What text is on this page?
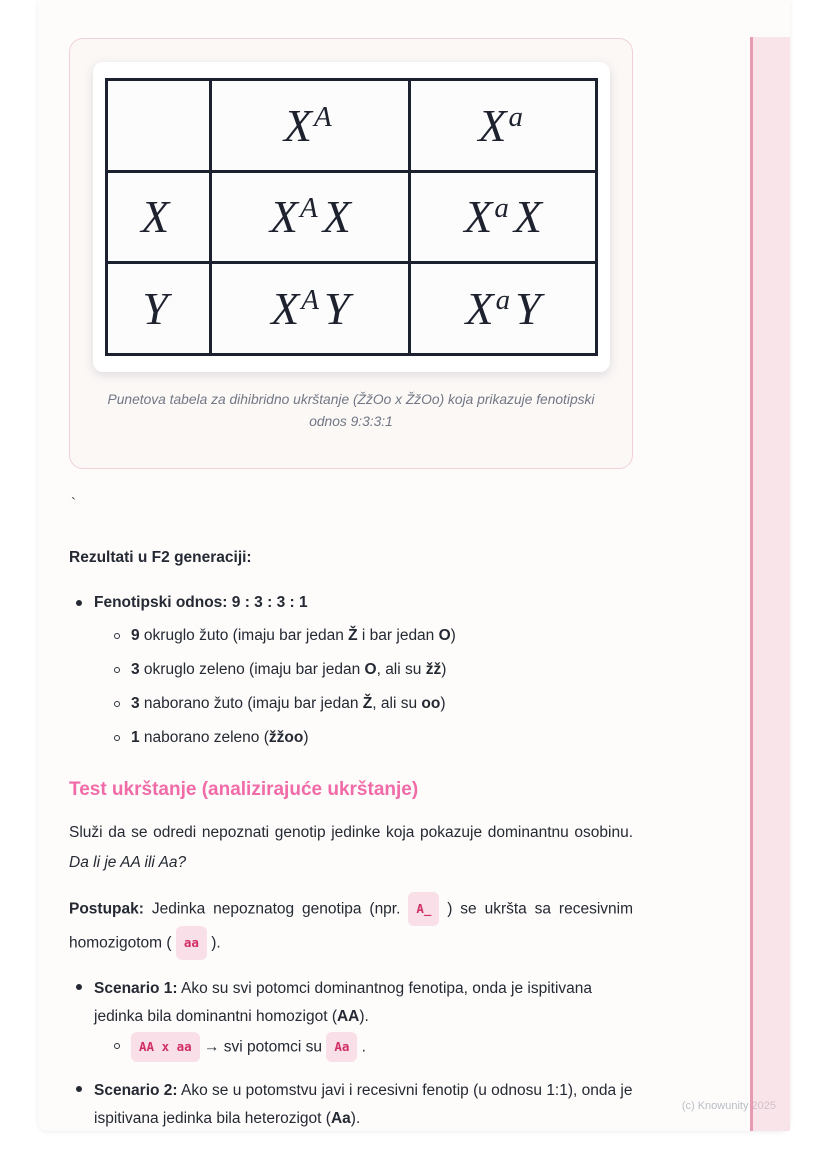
	XA	Xa
X	XA X	Xa X
Y	XA Y	Xa Y
Punetova tabela za dihibridno ukrštanje (ŽžOo x ŽžOo) koja prikazuje fenotipski odnos 9:3:3:1
`
Rezultati u F2 generaciji:
Fenotipski odnos: 9 : 3 : 3 : 1
9 okruglo žuto (imaju bar jedan Ž i bar jedan O)
3 okruglo zeleno (imaju bar jedan O, ali su žž)
3 naborano žuto (imaju bar jedan Ž, ali su oo)
1 naborano zeleno (žžoo)
Test ukrštanje (analizirajuće ukrštanje)
Služi da se odredi nepoznati genotip jedinke koja pokazuje dominantnu osobinu. Da li je AA ili Aa?
Postupak: Jedinka nepoznatog genotipa (npr. A_ ) se ukršta sa recesivnim homozigotom ( aa ).
Scenario 1: Ako su svi potomci dominantnog fenotipa, onda je ispitivana jedinka bila dominantni homozigot (AA).
AA x aa → svi potomci su Aa .
Scenario 2: Ako se u potomstvu javi i recesivni fenotip (u odnosu 1:1), onda je ispitivana jedinka bila heterozigot (Aa).
(c) Knowunity 2025
